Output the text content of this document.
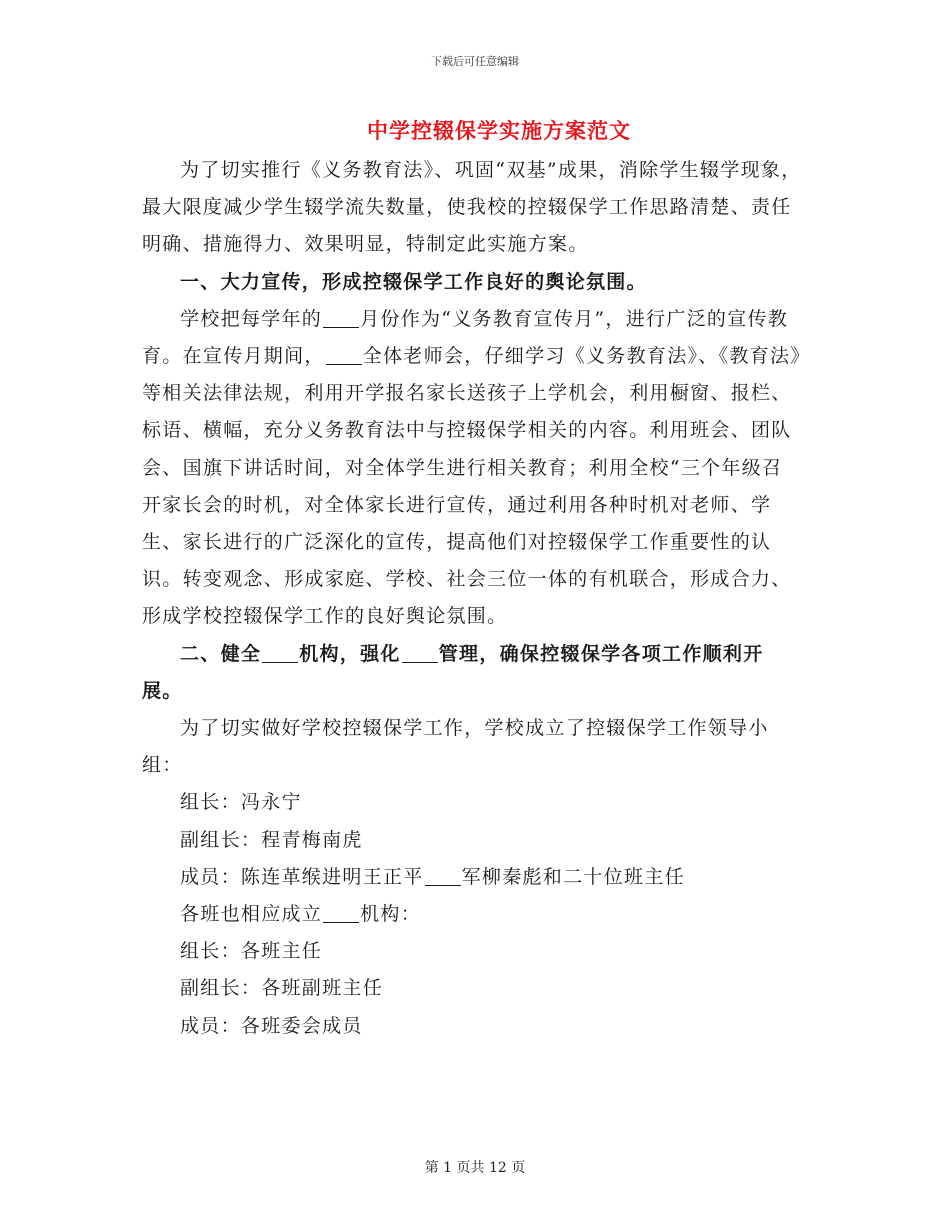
下载后可任意编辑
中学控辍保学实施方案范文

为了切实推行《义务教育法》、巩固“双基”成果，消除学生辍学现象，最大限度减少学生辍学流失数量，使我校的控辍保学工作思路清楚、责任明确、措施得力、效果明显，特制定此实施方案。

一、大力宣传，形成控辍保学工作良好的舆论氛围。

学校把每学年的 月份作为“义务教育宣传月”，进行广泛的宣传教育。在宣传月期间， 全体老师会，仔细学习《义务教育法》、《教育法》等相关法律法规，利用开学报名家长送孩子上学机会，利用橱窗、报栏、标语、横幅，充分义务教育法中与控辍保学相关的内容。利用班会、团队会、国旗下讲话时间，对全体学生进行相关教育；利用全校“三个年级召开家长会的时机，对全体家长进行宣传，通过利用各种时机对老师、学生、家长进行的广泛深化的宣传，提高他们对控辍保学工作重要性的认识。转变观念、形成家庭、学校、社会三位一体的有机联合，形成合力、形成学校控辍保学工作的良好舆论氛围。

二、健全 机构，强化 管理，确保控辍保学各项工作顺利开展。

为了切实做好学校控辍保学工作，学校成立了控辍保学工作领导小组：

组长：冯永宁

副组长：程青梅南虎

成员：陈连革缑进明王正平 军柳秦彪和二十位班主任

各班也相应成立 机构：

组长：各班主任

副组长：各班副班主任

成员：各班委会成员

第 1 页共 12 页
